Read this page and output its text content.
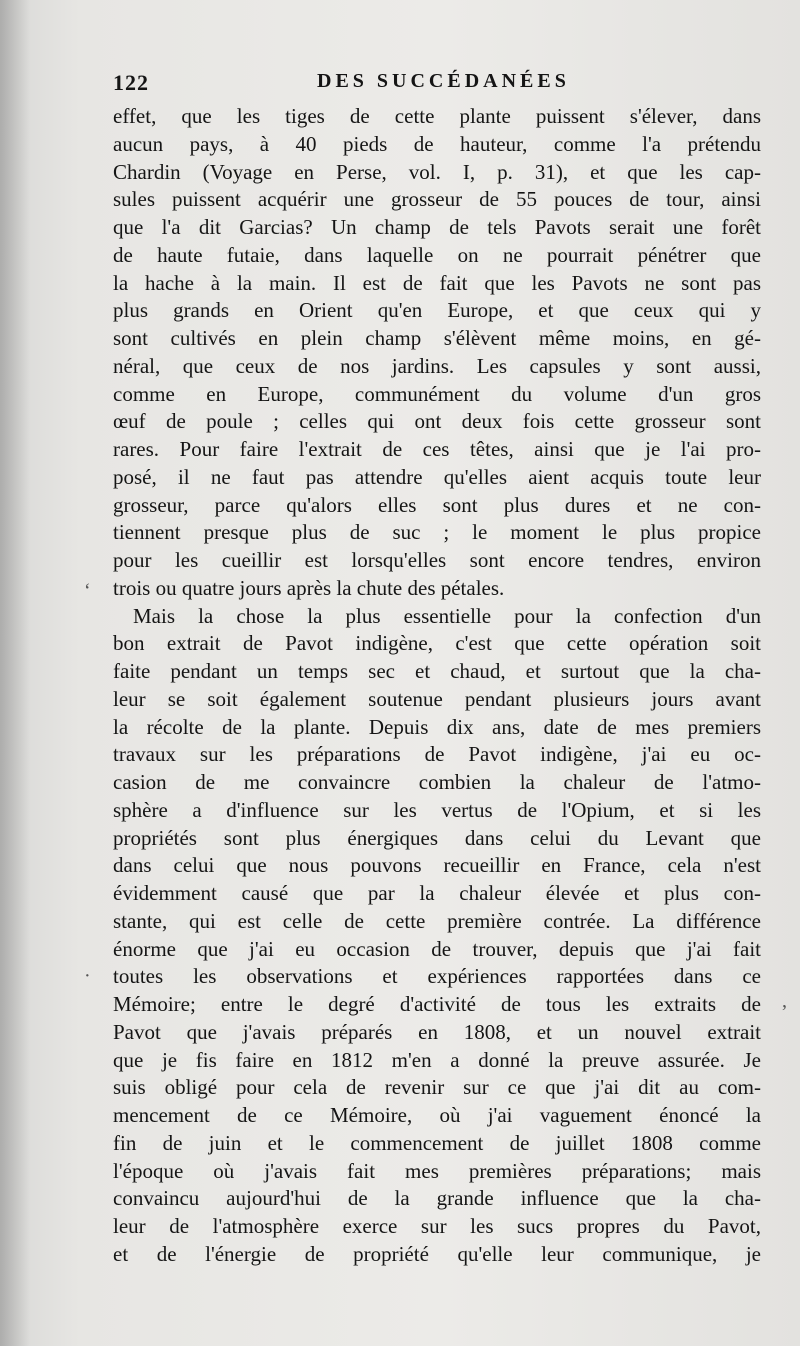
122	DES SUCCÉDANÉES
‘
·
,
effet, que les tiges de cette plante puissent s'élever, dans
aucun pays, à 40 pieds de hauteur, comme l'a prétendu
Chardin (Voyage en Perse, vol. I, p. 31), et que les cap-
sules puissent acquérir une grosseur de 55 pouces de tour, ainsi
que l'a dit Garcias? Un champ de tels Pavots serait une forêt
de haute futaie, dans laquelle on ne pourrait pénétrer que
la hache à la main. Il est de fait que les Pavots ne sont pas
plus grands en Orient qu'en Europe, et que ceux qui y
sont cultivés en plein champ s'élèvent même moins, en gé-
néral, que ceux de nos jardins. Les capsules y sont aussi,
comme en Europe, communément du volume d'un gros
œuf de poule ; celles qui ont deux fois cette grosseur sont
rares. Pour faire l'extrait de ces têtes, ainsi que je l'ai pro-
posé, il ne faut pas attendre qu'elles aient acquis toute leur
grosseur, parce qu'alors elles sont plus dures et ne con-
tiennent presque plus de suc ; le moment le plus propice
pour les cueillir est lorsqu'elles sont encore tendres, environ
trois ou quatre jours après la chute des pétales.
Mais la chose la plus essentielle pour la confection d'un
bon extrait de Pavot indigène, c'est que cette opération soit
faite pendant un temps sec et chaud, et surtout que la cha-
leur se soit également soutenue pendant plusieurs jours avant
la récolte de la plante. Depuis dix ans, date de mes premiers
travaux sur les préparations de Pavot indigène, j'ai eu oc-
casion de me convaincre combien la chaleur de l'atmo-
sphère a d'influence sur les vertus de l'Opium, et si les
propriétés sont plus énergiques dans celui du Levant que
dans celui que nous pouvons recueillir en France, cela n'est
évidemment causé que par la chaleur élevée et plus con-
stante, qui est celle de cette première contrée. La différence
énorme que j'ai eu occasion de trouver, depuis que j'ai fait
toutes les observations et expériences rapportées dans ce
Mémoire; entre le degré d'activité de tous les extraits de
Pavot que j'avais préparés en 1808, et un nouvel extrait
que je fis faire en 1812 m'en a donné la preuve assurée. Je
suis obligé pour cela de revenir sur ce que j'ai dit au com-
mencement de ce Mémoire, où j'ai vaguement énoncé la
fin de juin et le commencement de juillet 1808 comme
l'époque où j'avais fait mes premières préparations; mais
convaincu aujourd'hui de la grande influence que la cha-
leur de l'atmosphère exerce sur les sucs propres du Pavot,
et de l'énergie de propriété qu'elle leur communique, je
